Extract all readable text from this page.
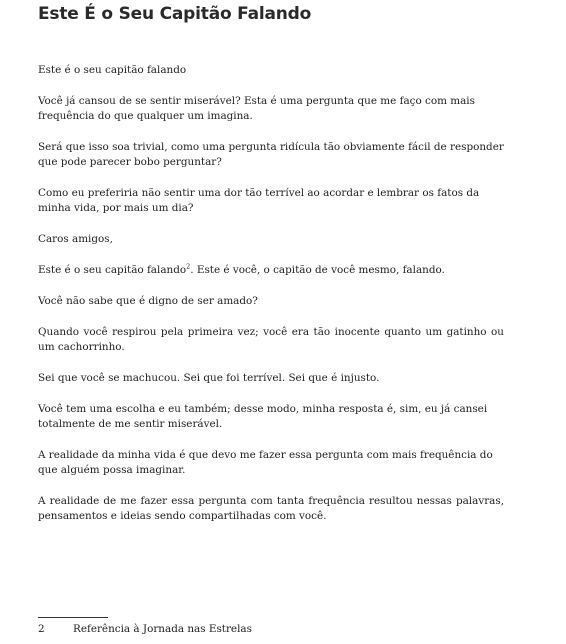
Este É o Seu Capitão Falando

Este é o seu capitão falando

Você já cansou de se sentir miserável? Esta é uma pergunta que me faço com mais frequência do que qualquer um imagina.

Será que isso soa trivial, como uma pergunta ridícula tão obviamente fácil de responder que pode parecer bobo perguntar?

Como eu preferiria não sentir uma dor tão terrível ao acordar e lembrar os fatos da minha vida, por mais um dia?

Caros amigos,

Este é o seu capitão falando$^2$. Este é você, o capitão de você mesmo, falando.

Você não sabe que é digno de ser amado?

Quando você respirou pela primeira vez; você era tão inocente quanto um gatinho ou um cachorrinho.

Sei que você se machucou. Sei que foi terrível. Sei que é injusto.

Você tem uma escolha e eu também; desse modo, minha resposta é, sim, eu já cansei totalmente de me sentir miserável.

A realidade da minha vida é que devo me fazer essa pergunta com mais frequência do que alguém possa imaginar.

A realidade de me fazer essa pergunta com tanta frequência resultou nessas palavras, pensamentos e ideias sendo compartilhadas com você.

2	Referência à Jornada nas Estrelas
